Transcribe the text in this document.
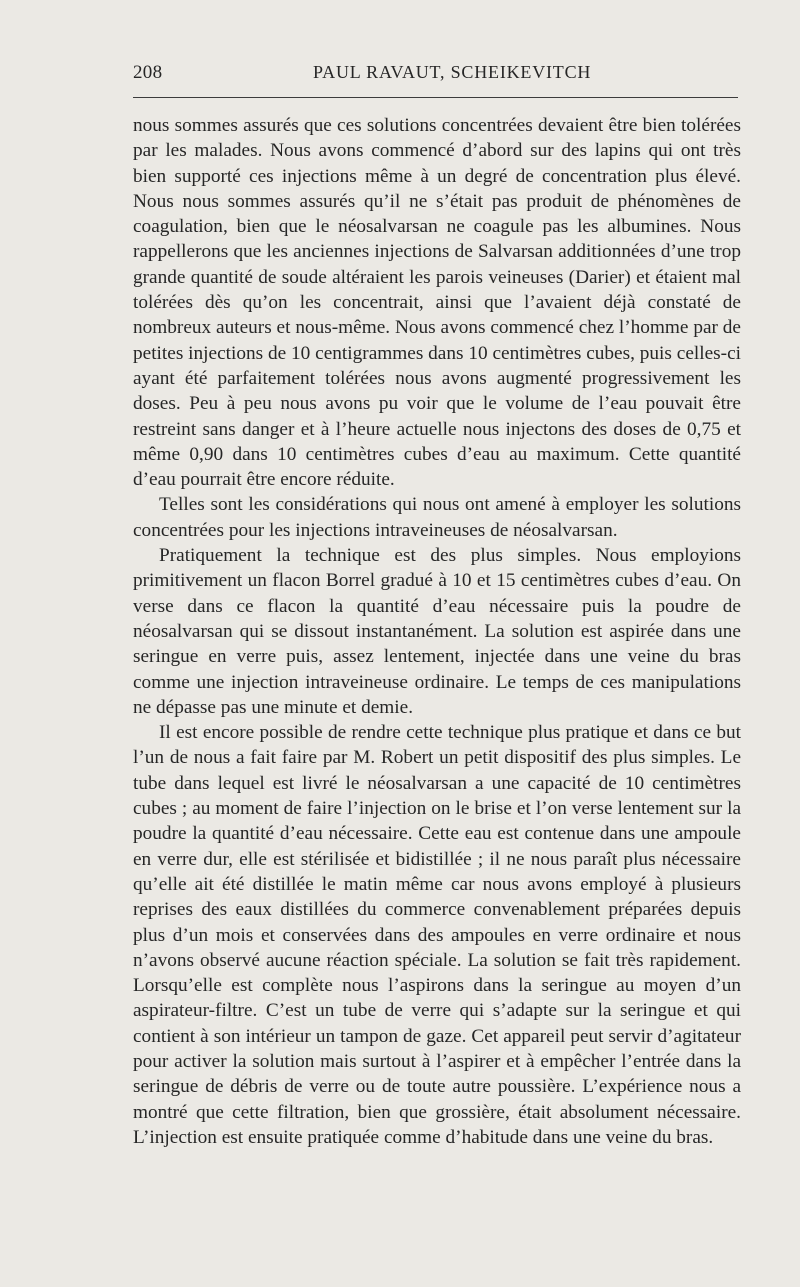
208	PAUL RAVAUT, SCHEIKEVITCH

nous sommes assurés que ces solutions concentrées devaient être bien tolérées par les malades. Nous avons commencé d’abord sur des lapins qui ont très bien supporté ces injections même à un degré de concentration plus élevé. Nous nous sommes assurés qu’il ne s’était pas produit de phénomènes de coagulation, bien que le néosalvarsan ne coagule pas les albumines. Nous rappellerons que les anciennes injections de Salvarsan additionnées d’une trop grande quantité de soude altéraient les parois veineuses (Darier) et étaient mal tolérées dès qu’on les concentrait, ainsi que l’avaient déjà constaté de nombreux auteurs et nous-même. Nous avons commencé chez l’homme par de petites injections de 10 centigrammes dans 10 centimètres cubes, puis celles-ci ayant été parfaitement tolérées nous avons augmenté progressivement les doses. Peu à peu nous avons pu voir que le volume de l’eau pouvait être restreint sans danger et à l’heure actuelle nous injectons des doses de 0,75 et même 0,90 dans 10 centimètres cubes d’eau au maximum. Cette quantité d’eau pourrait être encore réduite.

Telles sont les considérations qui nous ont amené à employer les solutions concentrées pour les injections intraveineuses de néosalvarsan.

Pratiquement la technique est des plus simples. Nous employions primitivement un flacon Borrel gradué à 10 et 15 centimètres cubes d’eau. On verse dans ce flacon la quantité d’eau nécessaire puis la poudre de néosalvarsan qui se dissout instantanément. La solution est aspirée dans une seringue en verre puis, assez lentement, injectée dans une veine du bras comme une injection intraveineuse ordinaire. Le temps de ces manipulations ne dépasse pas une minute et demie.

Il est encore possible de rendre cette technique plus pratique et dans ce but l’un de nous a fait faire par M. Robert un petit dispositif des plus simples. Le tube dans lequel est livré le néosalvarsan a une capacité de 10 centimètres cubes ; au moment de faire l’injection on le brise et l’on verse lentement sur la poudre la quantité d’eau nécessaire. Cette eau est contenue dans une ampoule en verre dur, elle est stérilisée et bidistillée ; il ne nous paraît plus nécessaire qu’elle ait été distillée le matin même car nous avons employé à plusieurs reprises des eaux distillées du commerce convenablement préparées depuis plus d’un mois et conservées dans des ampoules en verre ordinaire et nous n’avons observé aucune réaction spéciale. La solution se fait très rapidement. Lorsqu’elle est complète nous l’aspirons dans la seringue au moyen d’un aspirateur-filtre. C’est un tube de verre qui s’adapte sur la seringue et qui contient à son intérieur un tampon de gaze. Cet appareil peut servir d’agitateur pour activer la solution mais surtout à l’aspirer et à empêcher l’entrée dans la seringue de débris de verre ou de toute autre poussière. L’expérience nous a montré que cette filtration, bien que grossière, était absolument nécessaire. L’injection est ensuite pratiquée comme d’habitude dans une veine du bras.
